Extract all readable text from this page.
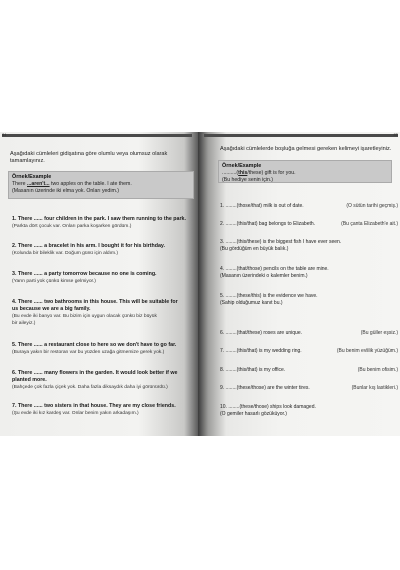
84
Aşağıdaki cümleleri gidişatına göre olumlu veya olumsuz olarak tamamlayınız.
Örnek/Example
There ...aren't... two apples on the table. I ate them.
(Masanın üzerinde iki elma yok. Onları yedim.)
1. There ...... four children in the park. I saw them running to the park.
(Parkta dört çocuk var. Onları parka koşarken gördüm.)
2. There ...... a bracelet in his arm. I bought it for his birthday.
(Kolunda bir bileklik var. Doğum günü için aldım.)
3. There ...... a party tomorrow because no one is coming.
(Yarın parti yok çünkü kimse gelmiyor.)
4. There ...... two bathrooms in this house. This will be suitable for
us because we are a big family.
(Bu evde iki banyo var. Bu bizim için uygun olacak çünkü biz büyük
bir aileyiz.)
5. There ...... a restaurant close to here so we don't have to go far.
(Buraya yakın bir restoran var bu yüzden uzağa gitmemize gerek yok.)
6. There ...... many flowers in the garden. It would look better if we
planted more.
(Bahçede çok fazla çiçek yok. Daha fazla diksaydık daha iyi görünürdü.)
7. There ...... two sisters in that house. They are my close friends.
(Şu evde iki kız kardeş var. Onlar benim yakın arkadaşım.)
85
Aşağıdaki cümlelerde boşluğa gelmesi gereken kelimeyi işaretleyiniz.
Örnek/Example
..........(this/these) gift is for you.
(Bu hediye senin için.)
1. ........(those/that) milk is out of date.	(O sütün tarihi geçmiş.)
2. ........(this/that) bag belongs to Elizabeth.	(Bu çanta Elizabeth'e ait.)
3. ........(this/these) is the biggest fish I have ever seen.
(Bu gördüğüm en büyük balık.)
4. ........(that/those) pencils on the table are mine.
(Masanın üzerindeki o kalemler benim.)
5. ........(these/this) is the evidence we have.
(Sahip olduğumuz kanıt bu.)
6. ........(that/these) roses are unique.	(Bu güller eşsiz.)
7. ........(this/that) is my wedding ring.	(Bu benim evlilik yüzüğüm.)
8. ........(this/that) is my office.	(Bu benim ofisim.)
9. ........(these/those) are the winter tires.	(Bunlar kış lastikleri.)
10. ........(these/those) ships look damaged.
(O gemiler hasarlı gözüküyor.)
